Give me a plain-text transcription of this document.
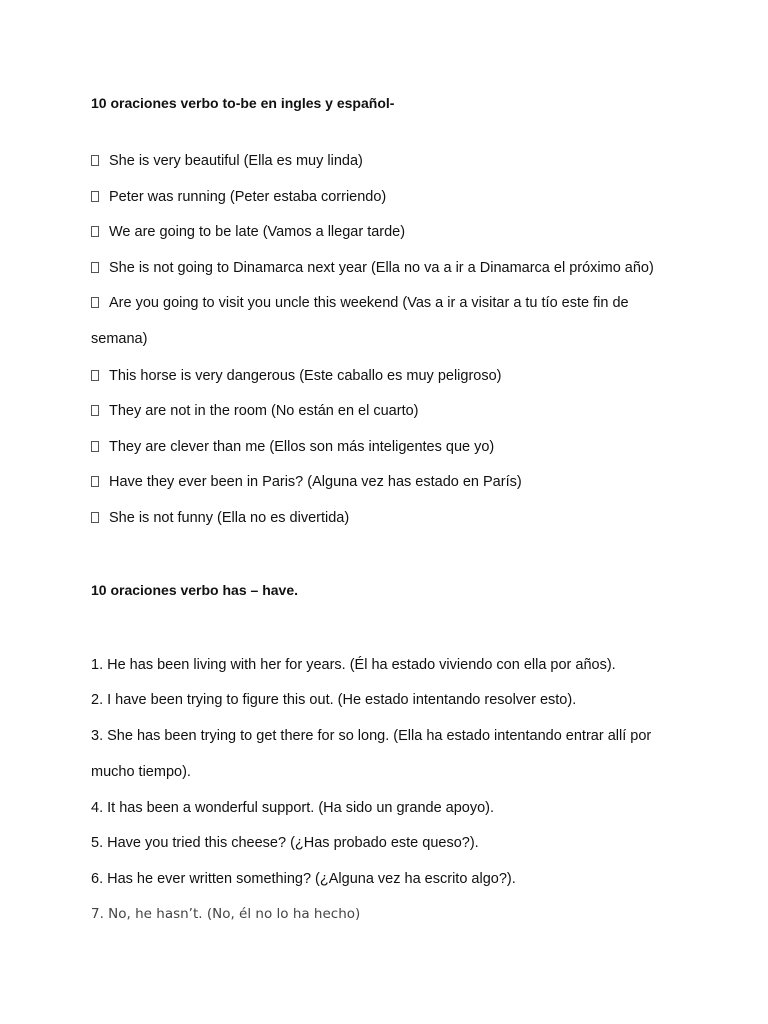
10 oraciones verbo to-be en ingles y español-
She is very beautiful (Ella es muy linda)
Peter was running (Peter estaba corriendo)
We are going to be late (Vamos a llegar tarde)
She is not going to Dinamarca next year (Ella no va a ir a Dinamarca el próximo año)
Are you going to visit you uncle this weekend (Vas a ir a visitar a tu tío este fin de
semana)
This horse is very dangerous (Este caballo es muy peligroso)
They are not in the room (No están en el cuarto)
They are clever than me (Ellos son más inteligentes que yo)
Have they ever been in Paris? (Alguna vez has estado en París)
She is not funny (Ella no es divertida)
10 oraciones verbo has – have.
1. He has been living with her for years. (Él ha estado viviendo con ella por años).
2. I have been trying to figure this out. (He estado intentando resolver esto).
3. She has been trying to get there for so long. (Ella ha estado intentando entrar allí por
mucho tiempo).
4. It has been a wonderful support. (Ha sido un grande apoyo).
5. Have you tried this cheese? (¿Has probado este queso?).
6. Has he ever written something? (¿Alguna vez ha escrito algo?).
7. No, he hasn’t. (No, él no lo ha hecho)
